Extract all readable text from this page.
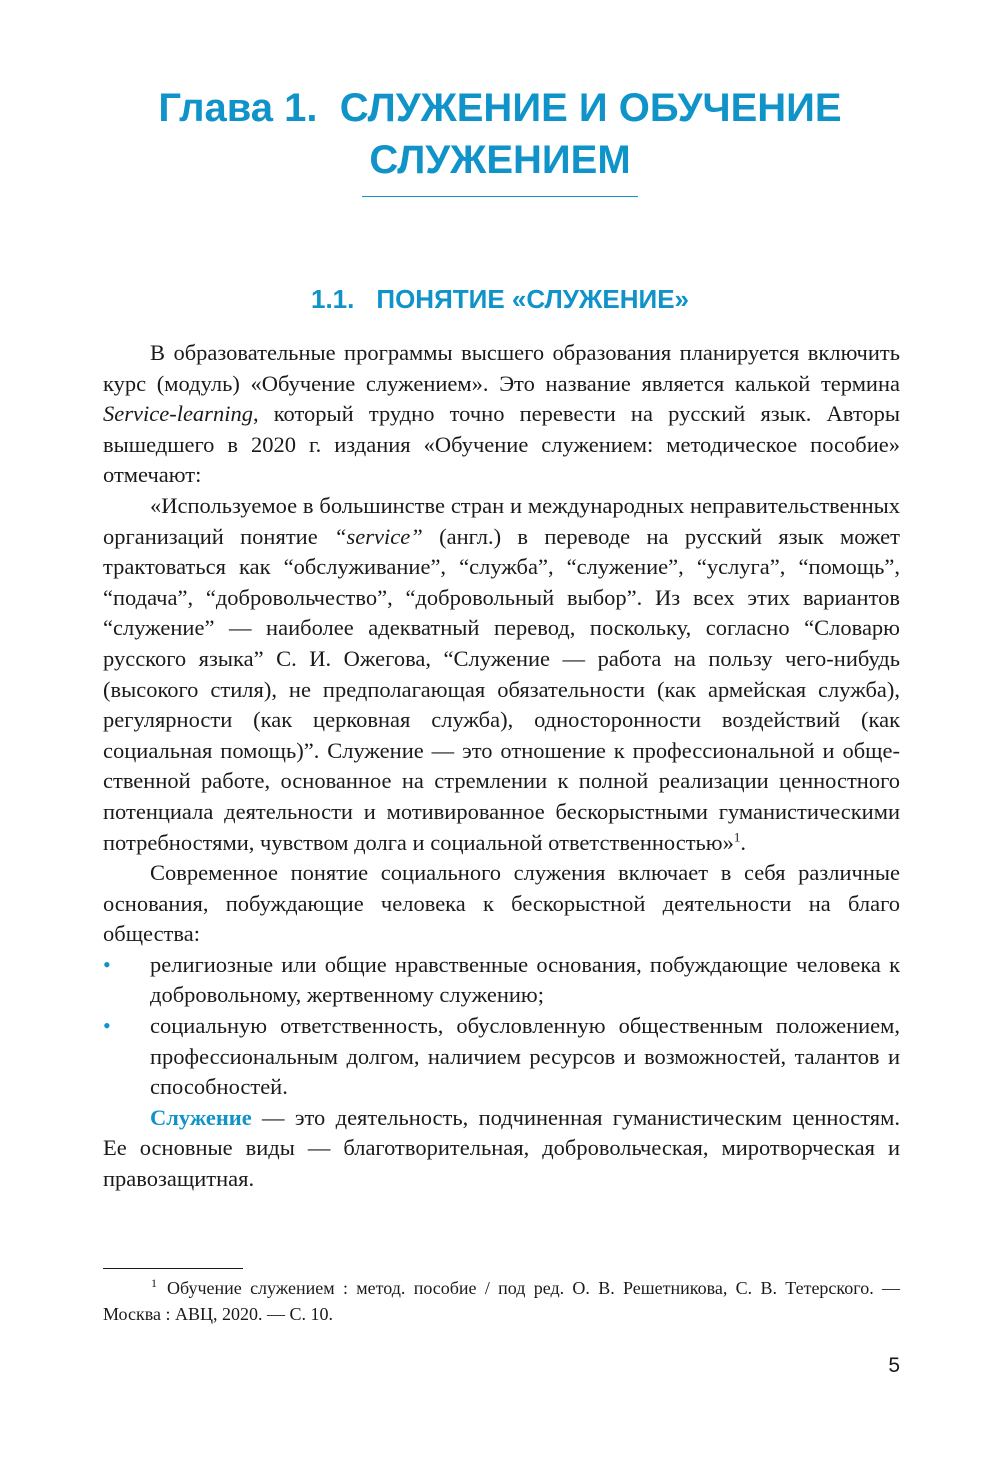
Глава 1.  СЛУЖЕНИЕ И ОБУЧЕНИЕ
СЛУЖЕНИЕМ
1.1. ПОНЯТИЕ «СЛУЖЕНИЕ»

В образовательные программы высшего образования планируется включить курс (модуль) «Обучение служением». Это название является калькой термина Service-learning, который трудно точно перевести на русский язык. Авторы вышедшего в 2020 г. издания «Обучение служением: методическое пособие» отмечают:

«Используемое в большинстве стран и международных неправительственных организаций понятие “service” (англ.) в переводе на русский язык может трактоваться как “обслуживание”, “служба”, “служение”, “услуга”, “помощь”, “подача”, “добровольчество”, “добровольный выбор”. Из всех этих вариантов “служение” — наиболее адекватный перевод, поскольку, согласно “Словарю русского языка” С. И. Ожегова, “Служение — работа на пользу чего-нибудь (высокого стиля), не предполагающая обязательности (как армейская служба), регулярности (как церковная служба), односторонности воздействий (как социальная помощь)”. Служение — это отношение к профессиональной и общественной работе, основанное на стремлении к полной реализации ценностного потенциала деятельности и мотивированное бескорыстными гуманистическими потребностями, чувством долга и социальной ответственностью»$^1$.

Современное понятие социального служения включает в себя различные основания, побуждающие человека к бескорыстной деятельности на благо общества:

• религиозные или общие нравственные основания, побуждающие человека к добровольному, жертвенному служению;
• социальную ответственность, обусловленную общественным положением, профессиональным долгом, наличием ресурсов и возможностей, талантов и способностей.

Служение — это деятельность, подчиненная гуманистическим ценностям. Ее основные виды — благотворительная, добровольческая, миротворческая и правозащитная.

$^1$ Обучение служением : метод. пособие / под ред. О. В. Решетникова, С. В. Тетерского. — Москва : АВЦ, 2020. — С. 10.
5
